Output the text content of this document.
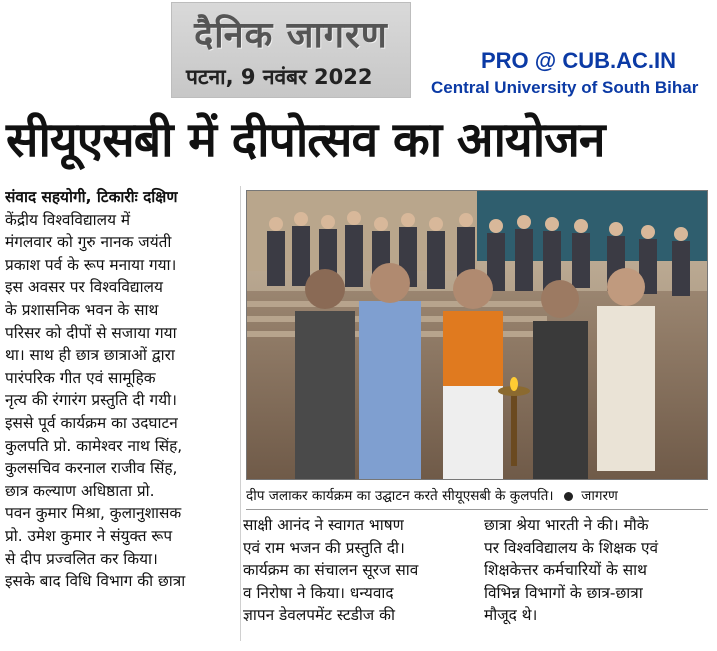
दैनिक जागरण
पटना, 9 नवंबर 2022
PRO @ CUB.AC.IN
Central University of South Bihar
सीयूएसबी में दीपोत्सव का आयोजन
संवाद सहयोगी, टिकारीः दक्षिण
केंद्रीय विश्वविद्यालय में
मंगलवार को गुरु नानक जयंती
प्रकाश पर्व के रूप मनाया गया।
इस अवसर पर विश्वविद्यालय
के प्रशासनिक भवन के साथ
परिसर को दीपों से सजाया गया
था। साथ ही छात्र छात्राओं द्वारा
पारंपरिक गीत एवं सामूहिक
नृत्य की रंगारंग प्रस्तुति दी गयी।
इससे पूर्व कार्यक्रम का उदघाटन
कुलपति प्रो. कामेश्वर नाथ सिंह,
कुलसचिव करनाल राजीव सिंह,
छात्र कल्याण अधिष्ठाता प्रो.
पवन कुमार मिश्रा, कुलानुशासक
प्रो. उमेश कुमार ने संयुक्त रूप
से दीप प्रज्वलित कर किया।
इसके बाद विधि विभाग की छात्रा
दीप जलाकर कार्यक्रम का उद्घाटन करते सीयूएसबी के कुलपति। जागरण
साक्षी आनंद ने स्वागत भाषण
एवं राम भजन की प्रस्तुति दी।
कार्यक्रम का संचालन सूरज साव
व निरोषा ने किया। धन्यवाद
ज्ञापन डेवलपमेंट स्टडीज की
छात्रा श्रेया भारती ने की। मौके
पर विश्वविद्यालय के शिक्षक एवं
शिक्षकेत्तर कर्मचारियों के साथ
विभिन्न विभागों के छात्र-छात्रा
मौजूद थे।
